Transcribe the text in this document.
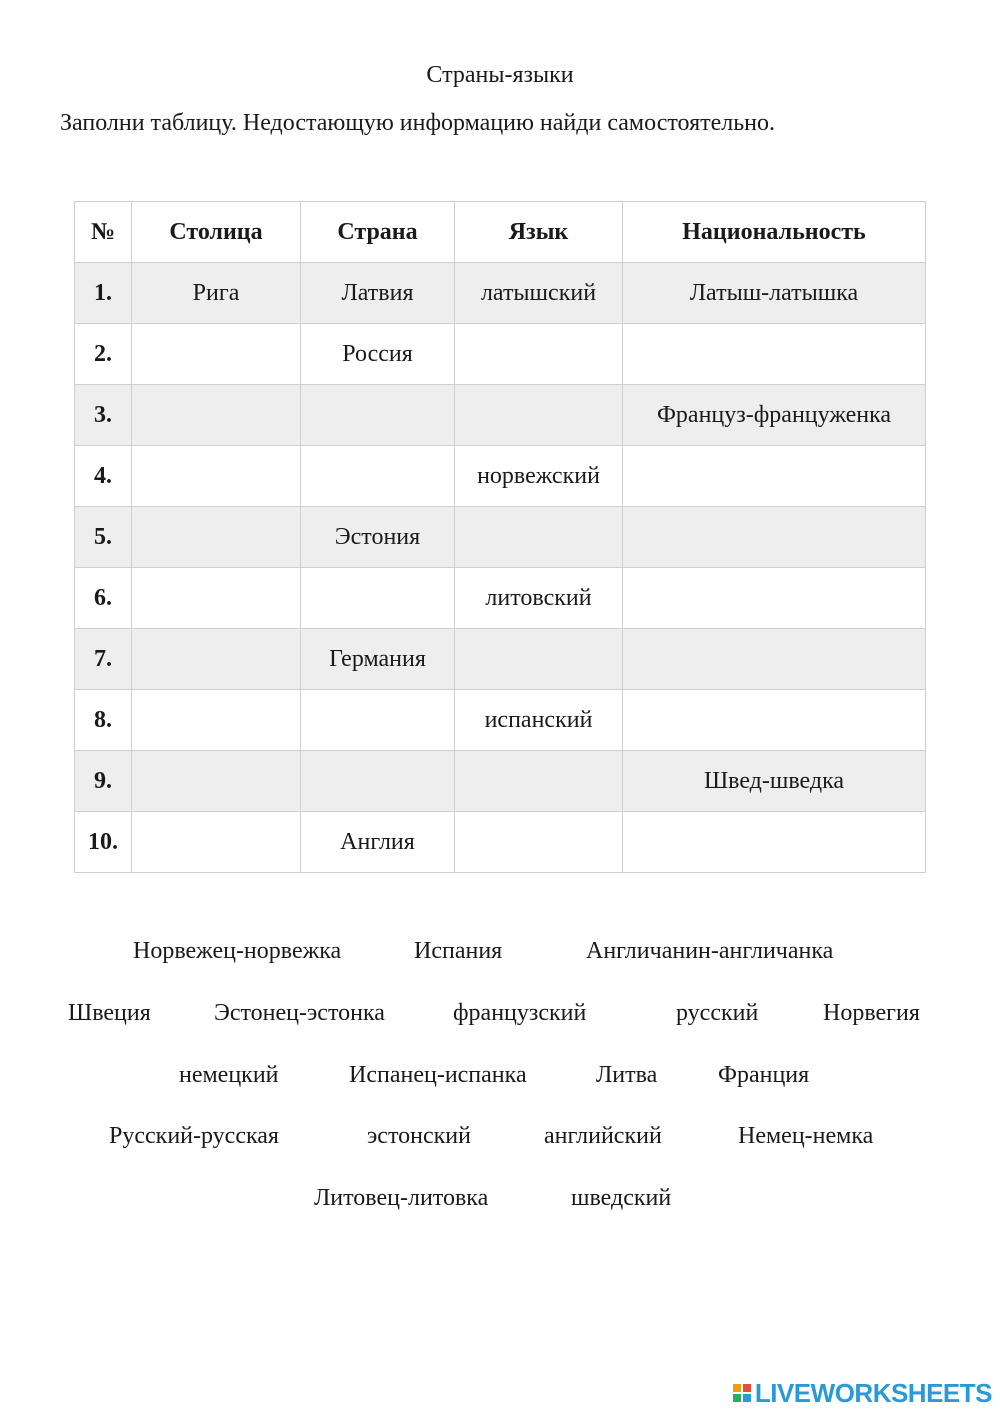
Страны-языки
Заполни таблицу. Недостающую информацию найди самостоятельно.
№	Столица	Страна	Язык	Национальность
1.	Рига	Латвия	латышский	Латыш-латышка
2.		Россия		
3.				Француз-француженка
4.			норвежский	
5.		Эстония		
6.			литовский	
7.		Германия		
8.			испанский	
9.				Швед-шведка
10.		Англия		
Норвежец-норвежка	Испания	Англичанин-англичанка
Швеция	Эстонец-эстонка	французский	русский	Норвегия
немецкий	Испанец-испанка	Литва	Франция
Русский-русская	эстонский	английский	Немец-немка
Литовец-литовка	шведский
LIVEWORKSHEETS
